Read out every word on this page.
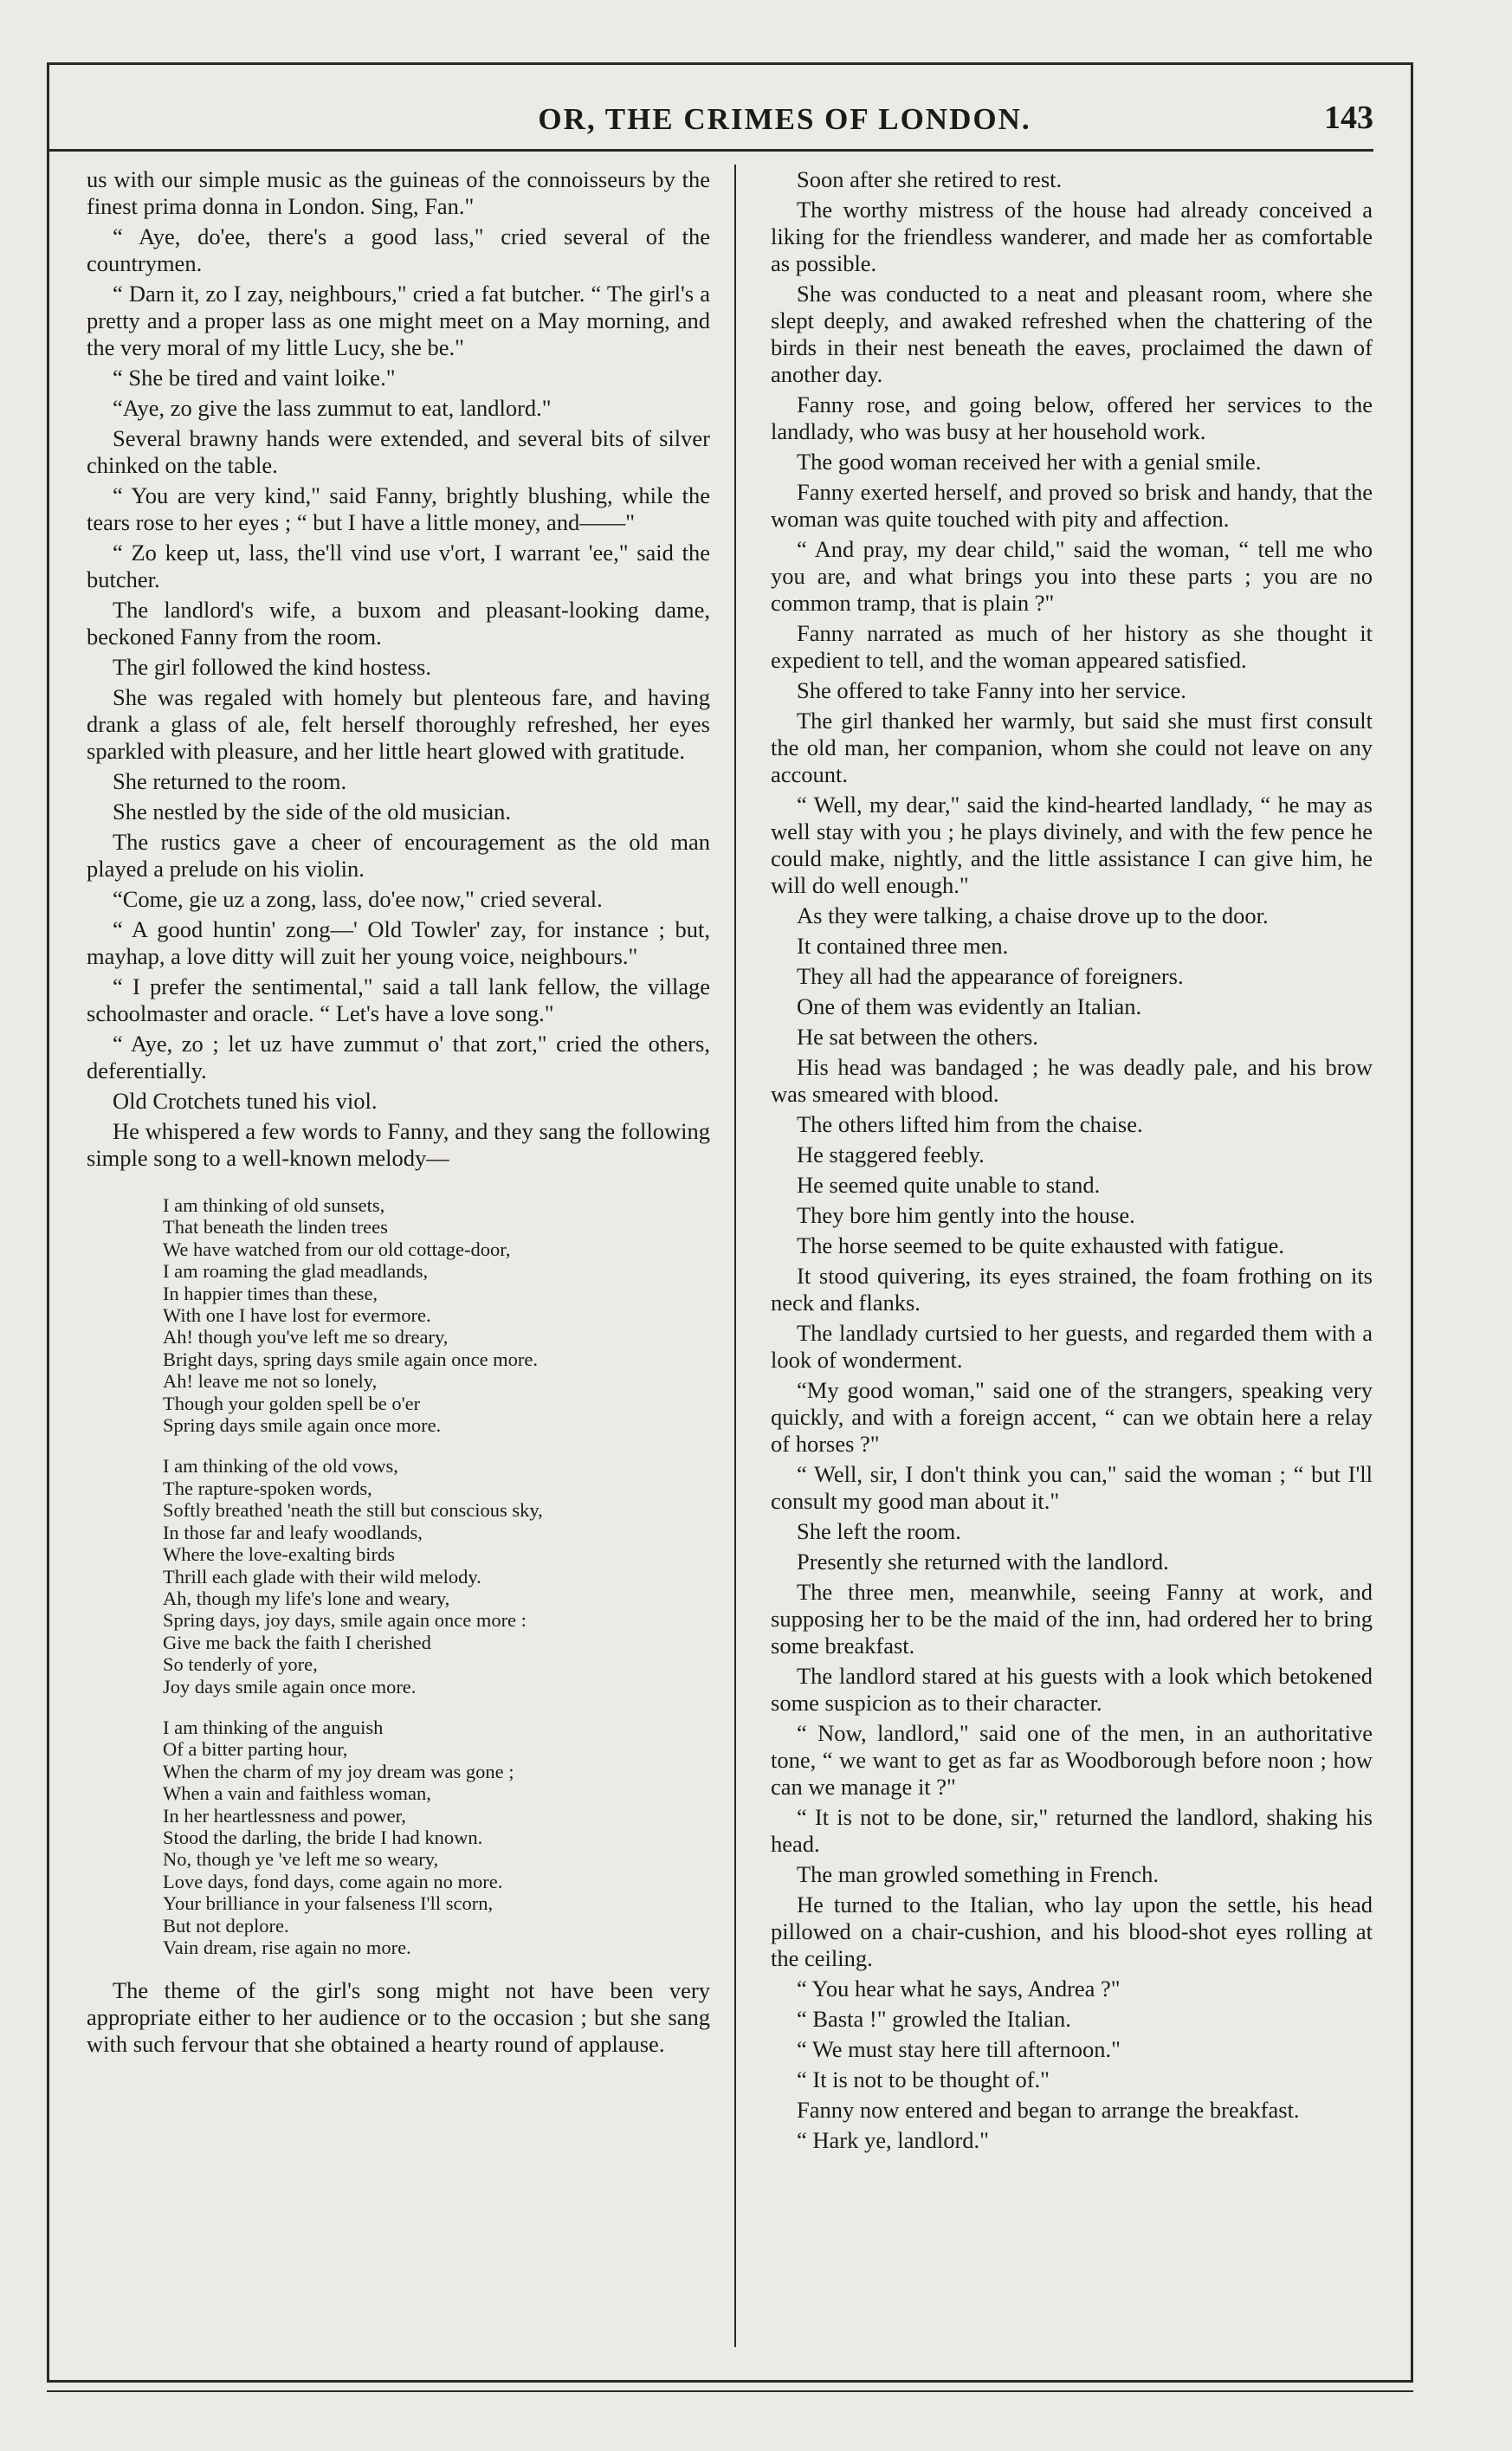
OR, THE CRIMES OF LONDON.	143

us with our simple music as the guineas of the connoisseurs by the finest prima donna in London. Sing, Fan."

“ Aye, do'ee, there's a good lass," cried several of the countrymen.

“ Darn it, zo I zay, neighbours," cried a fat butcher. “ The girl's a pretty and a proper lass as one might meet on a May morning, and the very moral of my little Lucy, she be."

“ She be tired and vaint loike."

“Aye, zo give the lass zummut to eat, landlord."

Several brawny hands were extended, and several bits of silver chinked on the table.

“ You are very kind," said Fanny, brightly blushing, while the tears rose to her eyes ; “ but I have a little money, and——"

“ Zo keep ut, lass, the'll vind use v'ort, I warrant 'ee," said the butcher.

The landlord's wife, a buxom and pleasant-looking dame, beckoned Fanny from the room.

The girl followed the kind hostess.

She was regaled with homely but plenteous fare, and having drank a glass of ale, felt herself thoroughly refreshed, her eyes sparkled with pleasure, and her little heart glowed with gratitude.

She returned to the room.

She nestled by the side of the old musician.

The rustics gave a cheer of encouragement as the old man played a prelude on his violin.

“Come, gie uz a zong, lass, do'ee now," cried several.

“ A good huntin' zong—' Old Towler' zay, for instance ; but, mayhap, a love ditty will zuit her young voice, neighbours."

“ I prefer the sentimental," said a tall lank fellow, the village schoolmaster and oracle. “ Let's have a love song."

“ Aye, zo ; let uz have zummut o' that zort," cried the others, deferentially.

Old Crotchets tuned his viol.

He whispered a few words to Fanny, and they sang the following simple song to a well-known melody—

I am thinking of old sunsets,
That beneath the linden trees
We have watched from our old cottage-door,
I am roaming the glad meadlands,
In happier times than these,
With one I have lost for evermore.
Ah! though you've left me so dreary,
Bright days, spring days smile again once more.
Ah! leave me not so lonely,
Though your golden spell be o'er
Spring days smile again once more.
I am thinking of the old vows,
The rapture-spoken words,
Softly breathed 'neath the still but conscious sky,
In those far and leafy woodlands,
Where the love-exalting birds
Thrill each glade with their wild melody.
Ah, though my life's lone and weary,
Spring days, joy days, smile again once more :
Give me back the faith I cherished
So tenderly of yore,
Joy days smile again once more.
I am thinking of the anguish
Of a bitter parting hour,
When the charm of my joy dream was gone ;
When a vain and faithless woman,
In her heartlessness and power,
Stood the darling, the bride I had known.
No, though ye 've left me so weary,
Love days, fond days, come again no more.
Your brilliance in your falseness I'll scorn,
But not deplore.
Vain dream, rise again no more.

The theme of the girl's song might not have been very appropriate either to her audience or to the occasion ; but she sang with such fervour that she obtained a hearty round of applause.

Soon after she retired to rest.

The worthy mistress of the house had already conceived a liking for the friendless wanderer, and made her as comfortable as possible.

She was conducted to a neat and pleasant room, where she slept deeply, and awaked refreshed when the chattering of the birds in their nest beneath the eaves, proclaimed the dawn of another day.

Fanny rose, and going below, offered her services to the landlady, who was busy at her household work.

The good woman received her with a genial smile.

Fanny exerted herself, and proved so brisk and handy, that the woman was quite touched with pity and affection.

“ And pray, my dear child," said the woman, “ tell me who you are, and what brings you into these parts ; you are no common tramp, that is plain ?"

Fanny narrated as much of her history as she thought it expedient to tell, and the woman appeared satisfied.

She offered to take Fanny into her service.

The girl thanked her warmly, but said she must first consult the old man, her companion, whom she could not leave on any account.

“ Well, my dear," said the kind-hearted landlady, “ he may as well stay with you ; he plays divinely, and with the few pence he could make, nightly, and the little assistance I can give him, he will do well enough."

As they were talking, a chaise drove up to the door.

It contained three men.

They all had the appearance of foreigners.

One of them was evidently an Italian.

He sat between the others.

His head was bandaged ; he was deadly pale, and his brow was smeared with blood.

The others lifted him from the chaise.

He staggered feebly.

He seemed quite unable to stand.

They bore him gently into the house.

The horse seemed to be quite exhausted with fatigue.

It stood quivering, its eyes strained, the foam frothing on its neck and flanks.

The landlady curtsied to her guests, and regarded them with a look of wonderment.

“My good woman," said one of the strangers, speaking very quickly, and with a foreign accent, “ can we obtain here a relay of horses ?"

“ Well, sir, I don't think you can," said the woman ; “ but I'll consult my good man about it."

She left the room.

Presently she returned with the landlord.

The three men, meanwhile, seeing Fanny at work, and supposing her to be the maid of the inn, had ordered her to bring some breakfast.

The landlord stared at his guests with a look which betokened some suspicion as to their character.

“ Now, landlord," said one of the men, in an authoritative tone, “ we want to get as far as Woodborough before noon ; how can we manage it ?"

“ It is not to be done, sir," returned the landlord, shaking his head.

The man growled something in French.

He turned to the Italian, who lay upon the settle, his head pillowed on a chair-cushion, and his blood-shot eyes rolling at the ceiling.

“ You hear what he says, Andrea ?"

“ Basta !" growled the Italian.

“ We must stay here till afternoon."

“ It is not to be thought of."

Fanny now entered and began to arrange the breakfast.

“ Hark ye, landlord."
